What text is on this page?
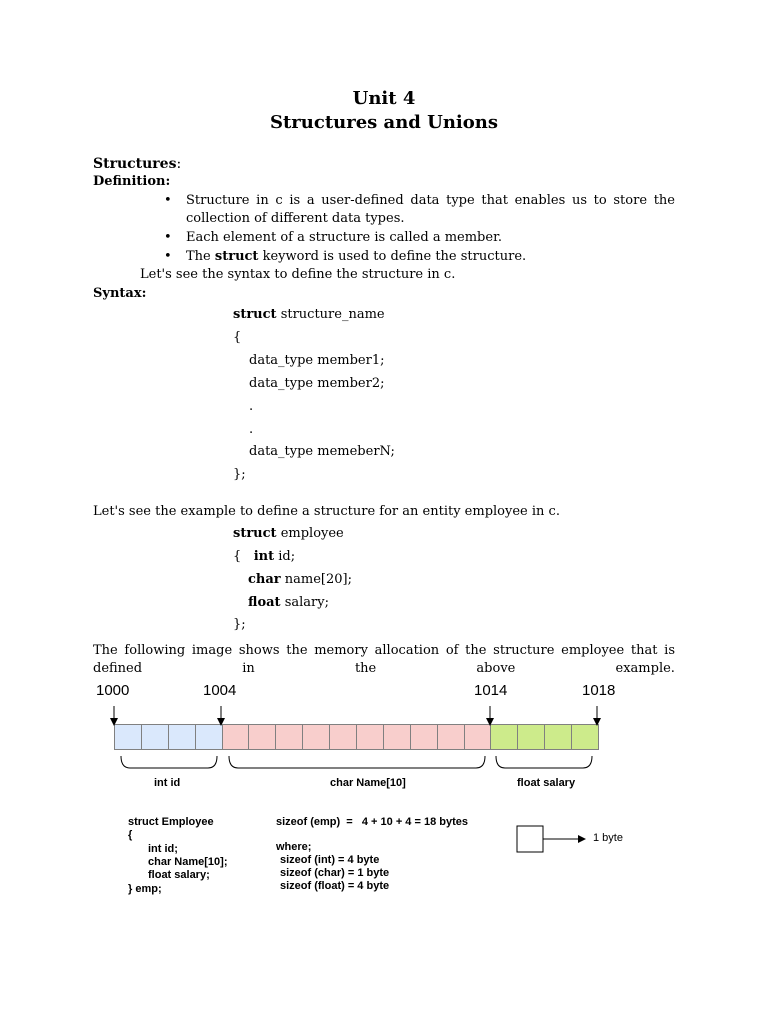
Unit 4
Structures and Unions
Structures:
Definition:
• Structure in c is a user-defined data type that enables us to store the
collection of different data types.
• Each element of a structure is called a member.
• The struct keyword is used to define the structure.
Let's see the syntax to define the structure in c.
Syntax:
struct structure_name
{
data_type member1;
data_type member2;
.
.
data_type memeberN;
};
Let's see the example to define a structure for an entity employee in c.
struct employee
{ int id;
char name[20];
float salary;
};
The following image shows the memory allocation of the structure employee that is
defined	in	the	above	example.
1000	1004	1014	1018
int id	char Name[10]	float salary
struct Employee
{
int id;
char Name[10];
float salary;
} emp;
sizeof (emp)  =   4 + 10 + 4 = 18 bytes
where;
sizeof (int) = 4 byte
sizeof (char) = 1 byte
sizeof (float) = 4 byte
1 byte
